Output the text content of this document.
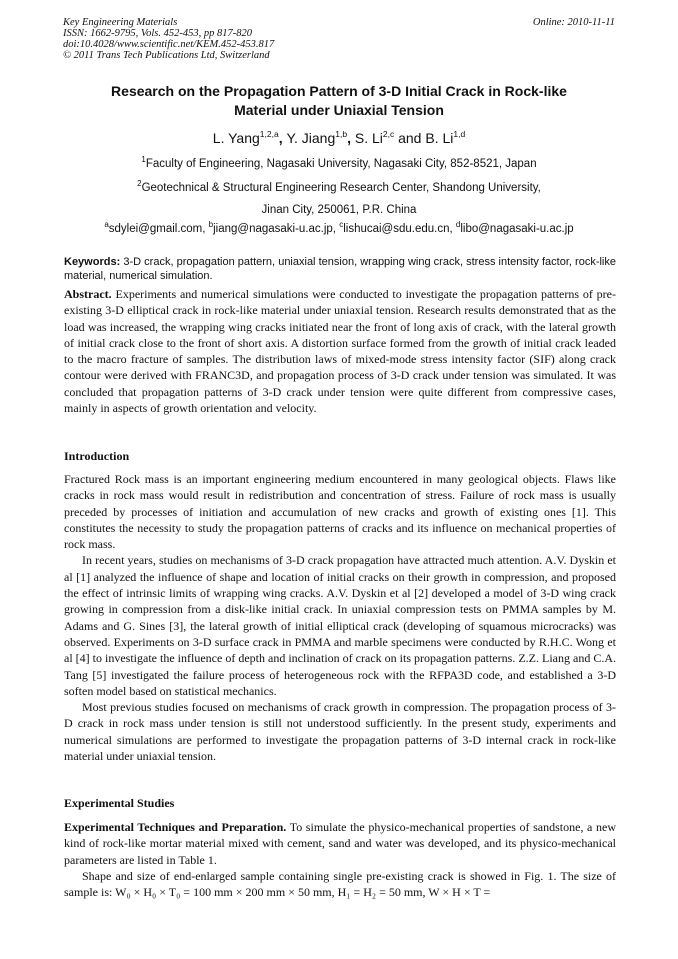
Key Engineering Materials	Online: 2010-11-11
ISSN: 1662-9795, Vols. 452-453, pp 817-820
doi:10.4028/www.scientific.net/KEM.452-453.817
© 2011 Trans Tech Publications Ltd, Switzerland
Research on the Propagation Pattern of 3-D Initial Crack in Rock-like
Material under Uniaxial Tension
L. Yang$^{1,2,a}$, Y. Jiang$^{1,b}$, S. Li$^{2,c}$ and B. Li$^{1,d}$
$^1$Faculty of Engineering, Nagasaki University, Nagasaki City, 852-8521, Japan
$^2$Geotechnical & Structural Engineering Research Center, Shandong University,
Jinan City, 250061, P.R. China
$^a$sdylei@gmail.com, $^b$jiang@nagasaki-u.ac.jp, $^c$lishucai@sdu.edu.cn, $^d$libo@nagasaki-u.ac.jp
Keywords: 3-D crack, propagation pattern, uniaxial tension, wrapping wing crack, stress intensity factor, rock-like material, numerical simulation.
Abstract. Experiments and numerical simulations were conducted to investigate the propagation patterns of pre-existing 3-D elliptical crack in rock-like material under uniaxial tension. Research results demonstrated that as the load was increased, the wrapping wing cracks initiated near the front of long axis of crack, with the lateral growth of initial crack close to the front of short axis. A distortion surface formed from the growth of initial crack leaded to the macro fracture of samples. The distribution laws of mixed-mode stress intensity factor (SIF) along crack contour were derived with FRANC3D, and propagation process of 3-D crack under tension was simulated. It was concluded that propagation patterns of 3-D crack under tension were quite different from compressive cases, mainly in aspects of growth orientation and velocity.
Introduction

Fractured Rock mass is an important engineering medium encountered in many geological objects. Flaws like cracks in rock mass would result in redistribution and concentration of stress. Failure of rock mass is usually preceded by processes of initiation and accumulation of new cracks and growth of existing ones [1]. This constitutes the necessity to study the propagation patterns of cracks and its influence on mechanical properties of rock mass.

In recent years, studies on mechanisms of 3-D crack propagation have attracted much attention. A.V. Dyskin et al [1] analyzed the influence of shape and location of initial cracks on their growth in compression, and proposed the effect of intrinsic limits of wrapping wing cracks. A.V. Dyskin et al [2] developed a model of 3-D wing crack growing in compression from a disk-like initial crack. In uniaxial compression tests on PMMA samples by M. Adams and G. Sines [3], the lateral growth of initial elliptical crack (developing of squamous microcracks) was observed. Experiments on 3-D surface crack in PMMA and marble specimens were conducted by R.H.C. Wong et al [4] to investigate the influence of depth and inclination of crack on its propagation patterns. Z.Z. Liang and C.A. Tang [5] investigated the failure process of heterogeneous rock with the RFPA3D code, and established a 3-D soften model based on statistical mechanics.

Most previous studies focused on mechanisms of crack growth in compression. The propagation process of 3-D crack in rock mass under tension is still not understood sufficiently. In the present study, experiments and numerical simulations are performed to investigate the propagation patterns of 3-D internal crack in rock-like material under uniaxial tension.

Experimental Studies

Experimental Techniques and Preparation. To simulate the physico-mechanical properties of sandstone, a new kind of rock-like mortar material mixed with cement, sand and water was developed, and its physico-mechanical parameters are listed in Table 1.

Shape and size of end-enlarged sample containing single pre-existing crack is showed in Fig. 1. The size of sample is: W₀ × H₀ × T₀ = 100 mm × 200 mm × 50 mm, H₁ = H₂ = 50 mm, W × H × T =
